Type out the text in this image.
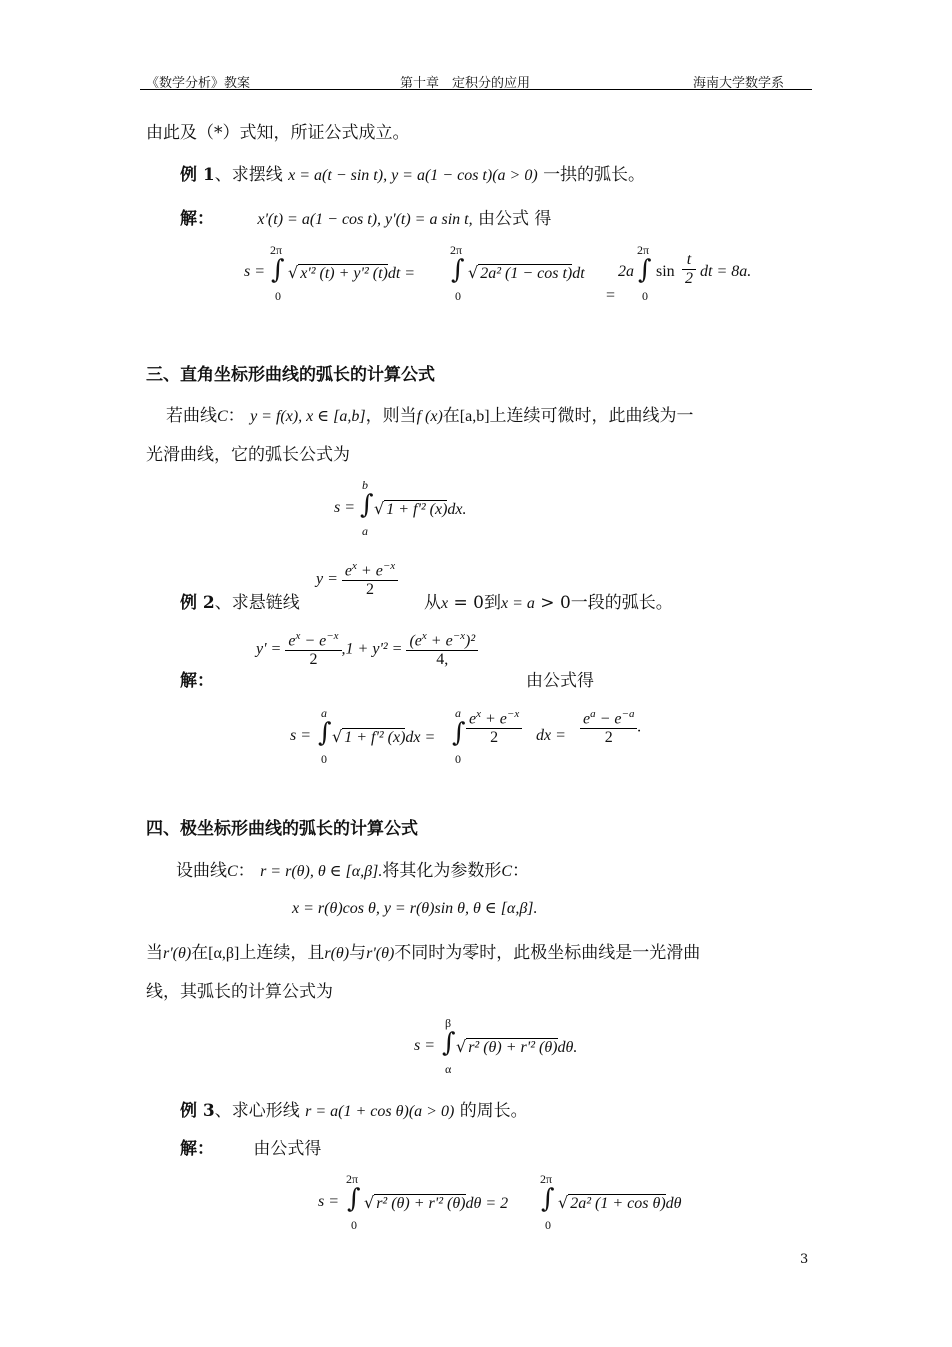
《数学分析》教案	第十章　定积分的应用	海南大学数学系
由此及（*）式知，所证公式成立。
例 1、求摆线 x = a(t − sin t), y = a(1 − cos t)(a > 0) 一拱的弧长。
解：	x'(t) = a(1 − cos t), y'(t) = a sin t, 由公式 得
s =
2π
∫
0
√ x'² (t) + y'² (t)dt =
2π
∫
0
√ 2a² (1 − cos t)dt
=
2a
2π
∫
0
$\sin \frac{t}{2}$ dt = 8a.
三、直角坐标形曲线的弧长的计算公式
若曲线C： y = f(x), x ∈ [a,b]，则当f (x)在[a,b]上连续可微时，此曲线为一
光滑曲线，它的弧长公式为
s =
b
∫
a
√ 1 + f'² (x)dx.
例 2、求悬链线
$y = \frac{e^x + e^{-x}}{2}$
从x = 0到x = a > 0一段的弧长。
解：
$y' = \frac{e^x - e^{-x}}{2} ,1 + y'^2 = \frac{(e^x + e^{-x})^2}{4,}$
由公式得
s =
a
∫
0
√ 1 + f'² (x)dx =
a
∫
0
$\frac{e^x + e^{-x}}{2}$ dx = $\frac{e^a - e^{-a}}{2}$ .
四、极坐标形曲线的弧长的计算公式
设曲线C： r = r(θ), θ ∈ [α,β].将其化为参数形C：
x = r(θ)cos θ, y = r(θ)sin θ, θ ∈ [α,β].
当r'(θ)在[α,β]上连续，且r(θ)与r'(θ)不同时为零时，此极坐标曲线是一光滑曲
线，其弧长的计算公式为
s =
β
∫
α
√ r² (θ) + r'² (θ)dθ.
例 3、求心形线 r = a(1 + cos θ)(a > 0) 的周长。
解： 由公式得
s =
2π
∫
0
√ r² (θ) + r'² (θ)dθ = 2
2π
∫
0
√ 2a² (1 + cos θ)dθ
3
